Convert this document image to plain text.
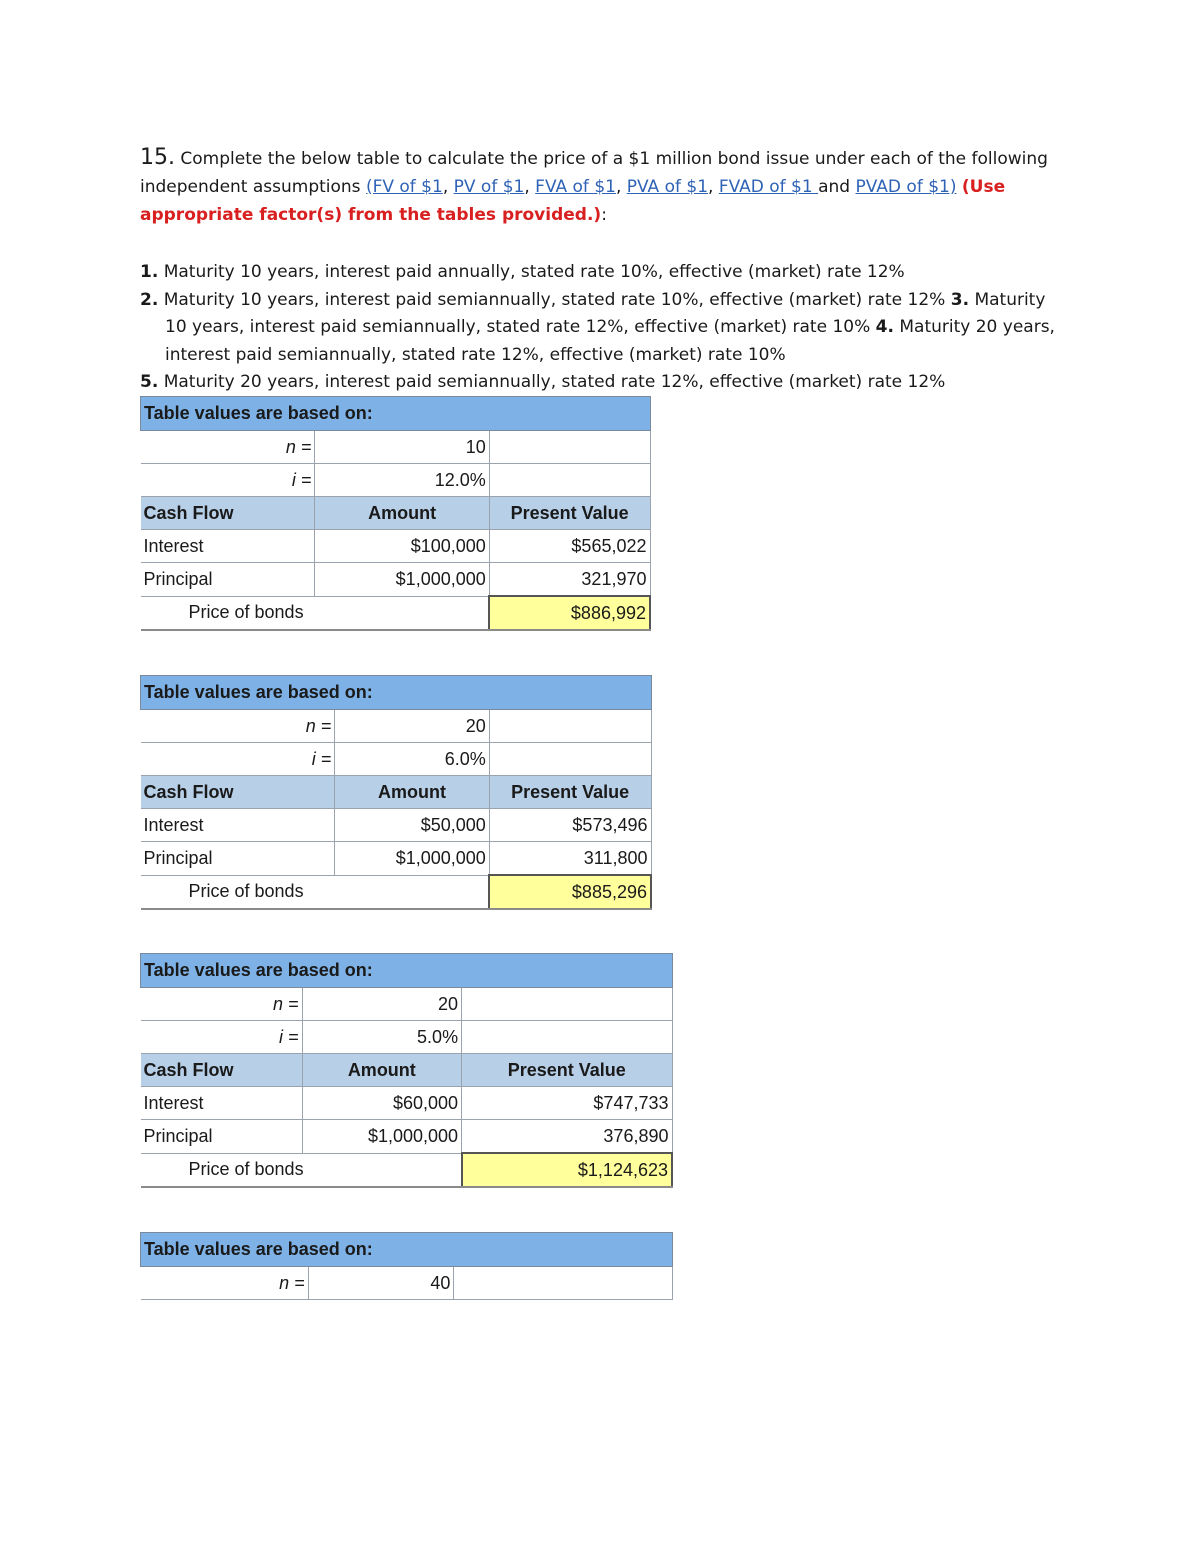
15. Complete the below table to calculate the price of a $1 million bond issue under each of the following independent assumptions (FV of $1, PV of $1, FVA of $1, PVA of $1, FVAD of $1 and PVAD of $1) (Use appropriate factor(s) from the tables provided.):
1. Maturity 10 years, interest paid annually, stated rate 10%, effective (market) rate 12%
2. Maturity 10 years, interest paid semiannually, stated rate 10%, effective (market) rate 12% 3. Maturity 10 years, interest paid semiannually, stated rate 12%, effective (market) rate 10% 4. Maturity 20 years, interest paid semiannually, stated rate 12%, effective (market) rate 10%
5. Maturity 20 years, interest paid semiannually, stated rate 12%, effective (market) rate 12%
Table values are based on:		
n =	10	
i =	12.0%	
Cash Flow	Amount	Present Value
Interest	$100,000	$565,022
Principal	$1,000,000	321,970
Price of bonds		$886,992
Table values are based on:		
n =	20	
i =	6.0%	
Cash Flow	Amount	Present Value
Interest	$50,000	$573,496
Principal	$1,000,000	311,800
Price of bonds		$885,296
Table values are based on:		
n =	20	
i =	5.0%	
Cash Flow	Amount	Present Value
Interest	$60,000	$747,733
Principal	$1,000,000	376,890
Price of bonds		$1,124,623
Table values are based on:
n =	40	
